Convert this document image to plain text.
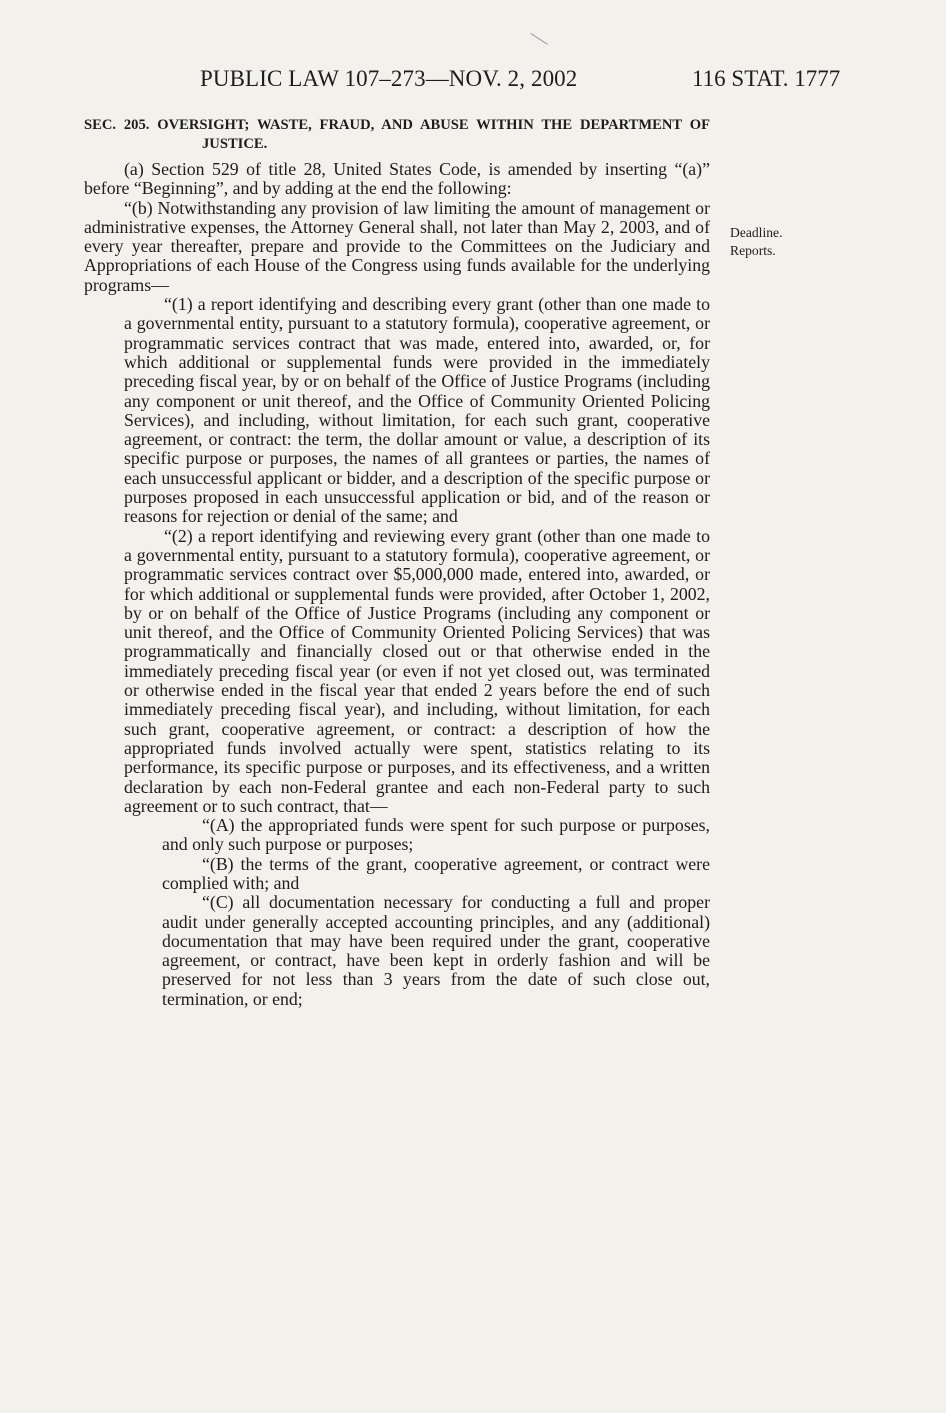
PUBLIC LAW 107–273—NOV. 2, 2002	116 STAT. 1777
Deadline.
Reports.

SEC. 205. OVERSIGHT; WASTE, FRAUD, AND ABUSE WITHIN THE DEPARTMENT OF JUSTICE.

(a) Section 529 of title 28, United States Code, is amended by inserting “(a)” before “Beginning”, and by adding at the end the following:

“(b) Notwithstanding any provision of law limiting the amount of management or administrative expenses, the Attorney General shall, not later than May 2, 2003, and of every year thereafter, prepare and provide to the Committees on the Judiciary and Appropriations of each House of the Congress using funds available for the underlying programs—

“(1) a report identifying and describing every grant (other than one made to a governmental entity, pursuant to a statutory formula), cooperative agreement, or programmatic services contract that was made, entered into, awarded, or, for which additional or supplemental funds were provided in the immediately preceding fiscal year, by or on behalf of the Office of Justice Programs (including any component or unit thereof, and the Office of Community Oriented Policing Services), and including, without limitation, for each such grant, cooperative agreement, or contract: the term, the dollar amount or value, a description of its specific purpose or purposes, the names of all grantees or parties, the names of each unsuccessful applicant or bidder, and a description of the specific purpose or purposes proposed in each unsuccessful application or bid, and of the reason or reasons for rejection or denial of the same; and

“(2) a report identifying and reviewing every grant (other than one made to a governmental entity, pursuant to a statutory formula), cooperative agreement, or programmatic services contract over $5,000,000 made, entered into, awarded, or for which additional or supplemental funds were provided, after October 1, 2002, by or on behalf of the Office of Justice Programs (including any component or unit thereof, and the Office of Community Oriented Policing Services) that was programmatically and financially closed out or that otherwise ended in the immediately preceding fiscal year (or even if not yet closed out, was terminated or otherwise ended in the fiscal year that ended 2 years before the end of such immediately preceding fiscal year), and including, without limitation, for each such grant, cooperative agreement, or contract: a description of how the appropriated funds involved actually were spent, statistics relating to its performance, its specific purpose or purposes, and its effectiveness, and a written declaration by each non-Federal grantee and each non-Federal party to such agreement or to such contract, that—

“(A) the appropriated funds were spent for such purpose or purposes, and only such purpose or purposes;

“(B) the terms of the grant, cooperative agreement, or contract were complied with; and

“(C) all documentation necessary for conducting a full and proper audit under generally accepted accounting principles, and any (additional) documentation that may have been required under the grant, cooperative agreement, or contract, have been kept in orderly fashion and will be preserved for not less than 3 years from the date of such close out, termination, or end;
